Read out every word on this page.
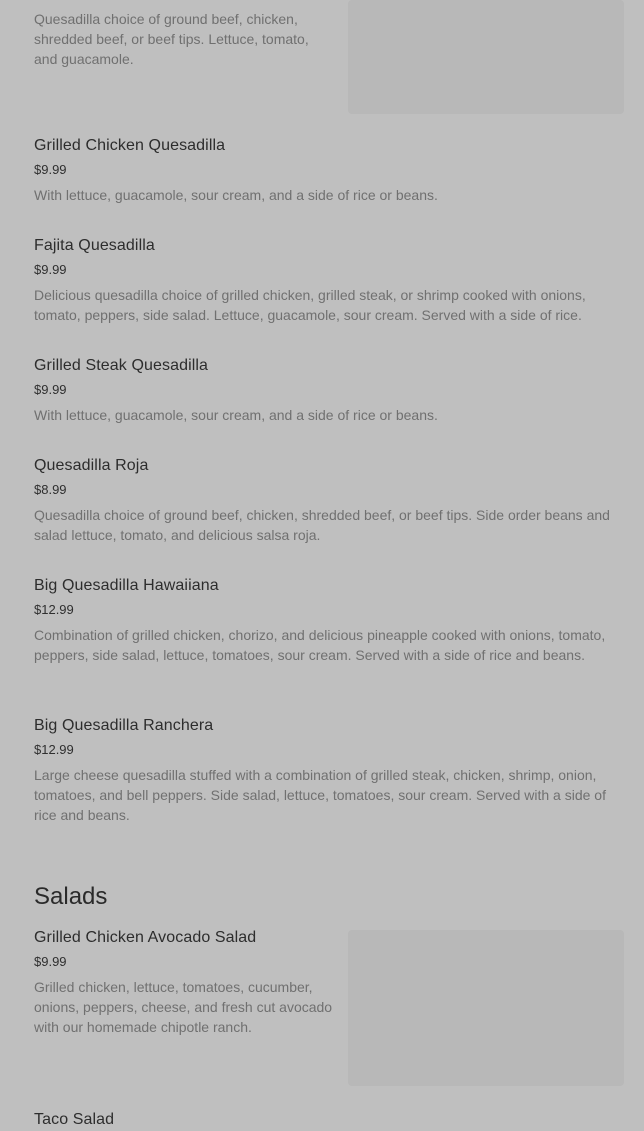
Quesadilla choice of ground beef, chicken, shredded beef, or beef tips. Lettuce, tomato, and guacamole.
Grilled Chicken Quesadilla
$9.99
With lettuce, guacamole, sour cream, and a side of rice or beans.
Fajita Quesadilla
$9.99
Delicious quesadilla choice of grilled chicken, grilled steak, or shrimp cooked with onions, tomato, peppers, side salad. Lettuce, guacamole, sour cream. Served with a side of rice.
Grilled Steak Quesadilla
$9.99
With lettuce, guacamole, sour cream, and a side of rice or beans.
Quesadilla Roja
$8.99
Quesadilla choice of ground beef, chicken, shredded beef, or beef tips. Side order beans and salad lettuce, tomato, and delicious salsa roja.
Big Quesadilla Hawaiiana
$12.99
Combination of grilled chicken, chorizo, and delicious pineapple cooked with onions, tomato, peppers, side salad, lettuce, tomatoes, sour cream. Served with a side of rice and beans.
Big Quesadilla Ranchera
$12.99
Large cheese quesadilla stuffed with a combination of grilled steak, chicken, shrimp, onion, tomatoes, and bell peppers. Side salad, lettuce, tomatoes, sour cream. Served with a side of rice and beans.
Salads
Grilled Chicken Avocado Salad
$9.99
Grilled chicken, lettuce, tomatoes, cucumber, onions, peppers, cheese, and fresh cut avocado with our homemade chipotle ranch.
Taco Salad
